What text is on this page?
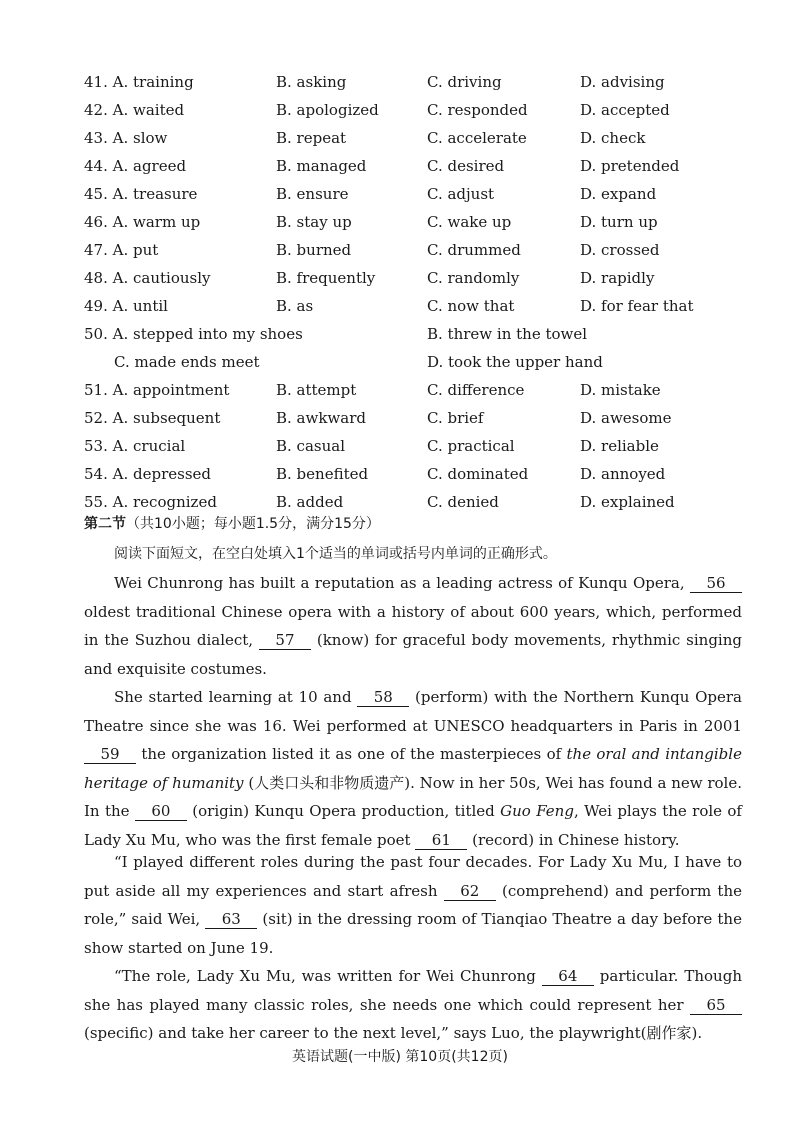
41. A. training	B. asking	C. driving	D. advising
42. A. waited	B. apologized	C. responded	D. accepted
43. A. slow	B. repeat	C. accelerate	D. check
44. A. agreed	B. managed	C. desired	D. pretended
45. A. treasure	B. ensure	C. adjust	D. expand
46. A. warm up	B. stay up	C. wake up	D. turn up
47. A. put	B. burned	C. drummed	D. crossed
48. A. cautiously	B. frequently	C. randomly	D. rapidly
49. A. until	B. as	C. now that	D. for fear that
50. A. stepped into my shoes	B. threw in the towel
C. made ends meet	D. took the upper hand
51. A. appointment	B. attempt	C. difference	D. mistake
52. A. subsequent	B. awkward	C. brief	D. awesome
53. A. crucial	B. casual	C. practical	D. reliable
54. A. depressed	B. benefited	C. dominated	D. annoyed
55. A. recognized	B. added	C. denied	D. explained
第二节（共10小题；每小题1.5分，满分15分）

阅读下面短文，在空白处填入1个适当的单词或括号内单词的正确形式。

Wei Chunrong has built a reputation as a leading actress of Kunqu Opera, 56 oldest traditional Chinese opera with a history of about 600 years, which, performed in the Suzhou dialect, 57 (know) for graceful body movements, rhythmic singing and exquisite costumes.

She started learning at 10 and 58 (perform) with the Northern Kunqu Opera Theatre since she was 16. Wei performed at UNESCO headquarters in Paris in 2001 59 the organization listed it as one of the masterpieces of the oral and intangible heritage of humanity (人类口头和非物质遗产). Now in her 50s, Wei has found a new role. In the 60 (origin) Kunqu Opera production, titled Guo Feng, Wei plays the role of Lady Xu Mu, who was the first female poet 61 (record) in Chinese history.

“I played different roles during the past four decades. For Lady Xu Mu, I have to put aside all my experiences and start afresh 62 (comprehend) and perform the role,” said Wei, 63 (sit) in the dressing room of Tianqiao Theatre a day before the show started on June 19.

“The role, Lady Xu Mu, was written for Wei Chunrong 64 particular. Though she has played many classic roles, she needs one which could represent her 65 (specific) and take her career to the next level,” says Luo, the playwright(剧作家).

英语试题(一中版) 第10页(共12页)
